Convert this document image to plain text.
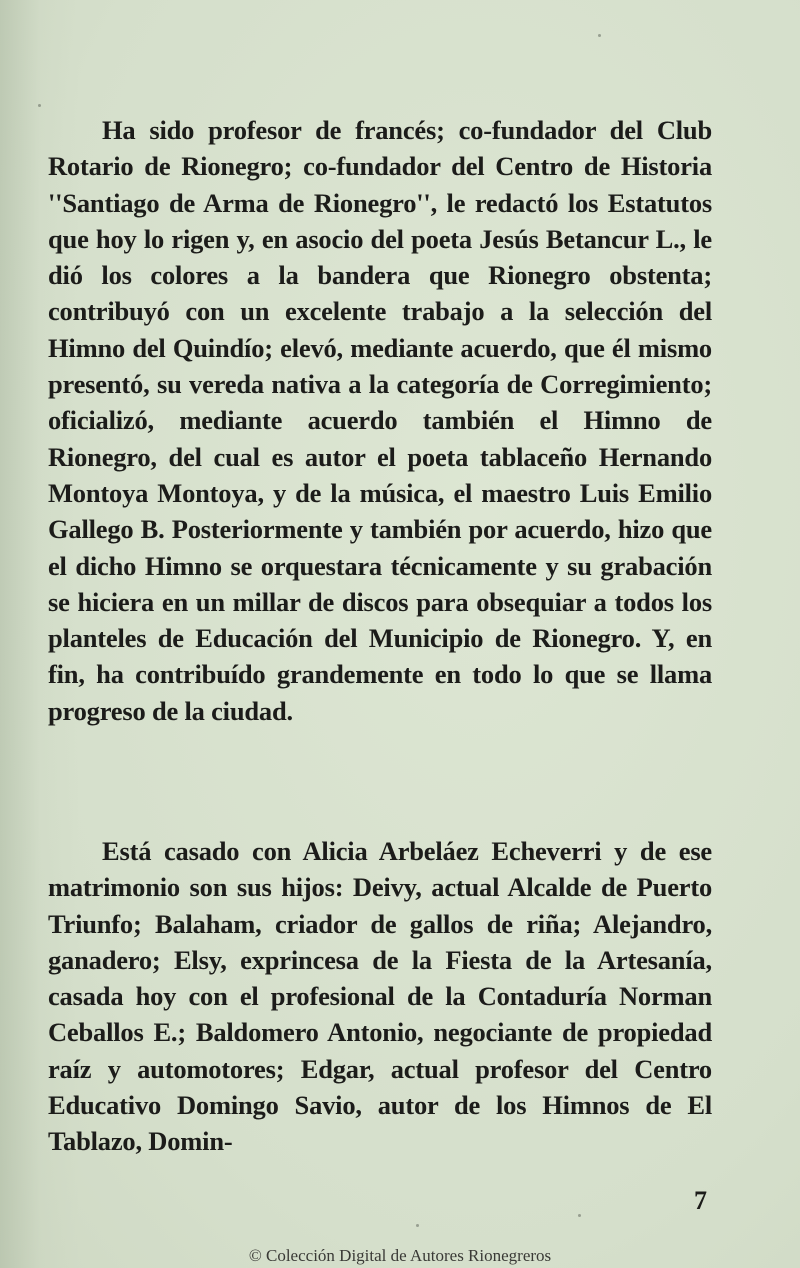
Ha sido profesor de francés; co-fundador del Club Rotario de Rionegro; co-fundador del Centro de Historia ''Santiago de Arma de Rionegro'', le redactó los Estatutos que hoy lo rigen y, en asocio del poeta Jesús Betancur L., le dió los colores a la bandera que Rionegro obstenta; contribuyó con un excelente trabajo a la selección del Himno del Quindío; elevó, mediante acuerdo, que él mismo presentó, su vereda nativa a la categoría de Corregimiento; oficializó, mediante acuerdo también el Himno de Rionegro, del cual es autor el poeta tablaceño Hernando Montoya Montoya, y de la música, el maestro Luis Emilio Gallego B. Posteriormente y también por acuerdo, hizo que el dicho Himno se orquestara técnicamente y su grabación se hiciera en un millar de discos para obsequiar a todos los planteles de Educación del Municipio de Rionegro. Y, en fin, ha contribuído grandemente en todo lo que se llama progreso de la ciudad.

Está casado con Alicia Arbeláez Echeverri y de ese matrimonio son sus hijos: Deivy, actual Alcalde de Puerto Triunfo; Balaham, criador de gallos de riña; Alejandro, ganadero; Elsy, exprincesa de la Fiesta de la Artesanía, casada hoy con el profesional de la Contaduría Norman Ceballos E.; Baldomero Antonio, negociante de propiedad raíz y automotores; Edgar, actual profesor del Centro Educativo Domingo Savio, autor de los Himnos de El Tablazo, Domin-

7
© Colección Digital de Autores Rionegreros
